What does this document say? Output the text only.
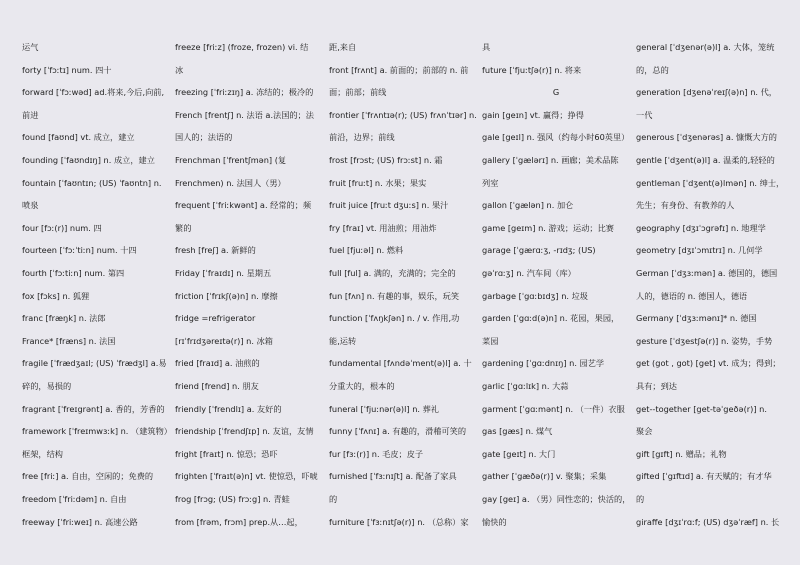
运气
forty [ˈfɔːtɪ] num. 四十
forward [ˈfɔːwəd] ad.将来,今后,向前,
前进
found [faʊnd] vt. 成立，建立
founding [ˈfaʊndɪŋ] n. 成立，建立
fountain [ˈfaʊntɪn; (US) ˈfaʊntn] n.
喷泉
four [fɔː(r)] num. 四
fourteen [ˈfɔːˈtiːn] num. 十四
fourth [ˈfɔːtiːn] num. 第四
fox [fɔks] n. 狐狸
franc [fræŋk] n. 法郎
France* [fræns] n. 法国
fragile [ˈfrædʒaɪl; (US) ˈfrædʒl] a.易
碎的，易损的
fragrant [ˈfreɪgrənt] a. 香的，芳香的
framework [ˈfreɪmwɜːk] n. （建筑物）
框架，结构
free [friː] a. 自由，空闲的；免费的
freedom [ˈfriːdəm] n. 自由
freeway [ˈfriːweɪ] n. 高速公路
freeze [friːz] (froze, frozen) vi. 结
冰
freezing [ˈfriːzɪŋ] a. 冻结的；极冷的
French [frentʃ] n. 法语 a.法国的；法
国人的；法语的
Frenchman [ˈfrentʃmən] (复
Frenchmen) n. 法国人（男）
frequent [ˈfriːkwənt] a. 经常的；频
繁的
fresh [freʃ] a. 新鲜的
Friday [ˈfraɪdɪ] n. 星期五
friction [ˈfrɪkʃ(ə)n] n. 摩擦
fridge =refrigerator
[rɪˈfrɪdʒəreɪtə(r)] n. 冰箱
fried [fraɪd] a. 油煎的
friend [frend] n. 朋友
friendly [ˈfrendlɪ] a. 友好的
friendship [ˈfrendʃɪp] n. 友谊，友情
fright [fraɪt] n. 惊恐；恐吓
frighten [ˈfraɪt(ə)n] vt. 使惊恐，吓唬
frog [frɔg; (US) frɔːg] n. 青蛙
from [frəm, frɔm] prep.从…起，
距,来自
front [frʌnt] a. 前面的；前部的 n. 前
面；前部；前线
frontier [ˈfrʌntɪə(r); (US) frʌnˈtɪər] n.
前沿，边界；前线
frost [frɔst; (US) frɔːst] n. 霜
fruit [fruːt] n. 水果；果实
fruit juice [fruːt dʒuːs] n. 果汁
fry [fraɪ] vt. 用油煎；用油炸
fuel [fjuːəl] n. 燃料
full [ful] a. 满的，充满的；完全的
fun [fʌn] n. 有趣的事，娱乐，玩笑
function [ˈfʌŋkʃən] n. / v. 作用,功
能,运转
fundamental [fʌndəˈment(ə)l] a. 十
分重大的，根本的
funeral [ˈfjuːnər(ə)l] n. 葬礼
funny [ˈfʌnɪ] a. 有趣的，滑稽可笑的
fur [fɜː(r)] n. 毛皮；皮子
furnished [ˈfɜːnɪʃt] a. 配备了家具
的
furniture [ˈfɜːnɪtʃə(r)] n. （总称）家
具
future [ˈfjuːtʃə(r)] n. 将来
G
gain [geɪn] vt. 赢得；挣得
gale [geɪl] n. 强风（约每小时60英里）
gallery [ˈgælərɪ] n. 画廊；美术品陈
列室
gallon [ˈgælən] n. 加仑
game [geɪm] n. 游戏；运动；比赛
garage [ˈgærɑːʒ, -rɪdʒ; (US)
gəˈrɑːʒ] n. 汽车间（库）
garbage [ˈgɑːbɪdʒ] n. 垃圾
garden [ˈgɑːd(ə)n] n. 花园，果园，
菜园
gardening [ˈgɑːdnɪŋ] n. 园艺学
garlic [ˈgɑːlɪk] n. 大蒜
garment [ˈgɑːmənt] n. （一件）衣服
gas [gæs] n. 煤气
gate [geɪt] n. 大门
gather [ˈgæðə(r)] v. 聚集；采集
gay [geɪ] a. （男）同性恋的；快活的，
愉快的
general [ˈdʒenər(ə)l] a. 大体，笼统
的，总的
generation [dʒenəˈreɪʃ(ə)n] n. 代，
一代
generous [ˈdʒenərəs] a. 慷慨大方的
gentle [ˈdʒent(ə)l] a. 温柔的,轻轻的
gentleman [ˈdʒent(ə)lmən] n. 绅士，
先生；有身份、有教养的人
geography [dʒɪˈɔgrəfɪ] n. 地理学
geometry [dʒɪˈɔmɪtrɪ] n. 几何学
German [ˈdʒɜːmən] a. 德国的，德国
人的，德语的 n. 德国人，德语
Germany [ˈdʒɜːmənɪ]* n. 德国
gesture [ˈdʒestʃə(r)] n. 姿势，手势
get (got , got) [get] vt. 成为；得到；
具有；到达
get--together [get-təˈgeðə(r)] n.
聚会
gift [gɪft] n. 赠品；礼物
gifted [ˈgɪftɪd] a. 有天赋的；有才华
的
giraffe [dʒɪˈrɑːf; (US) dʒəˈræf] n. 长
